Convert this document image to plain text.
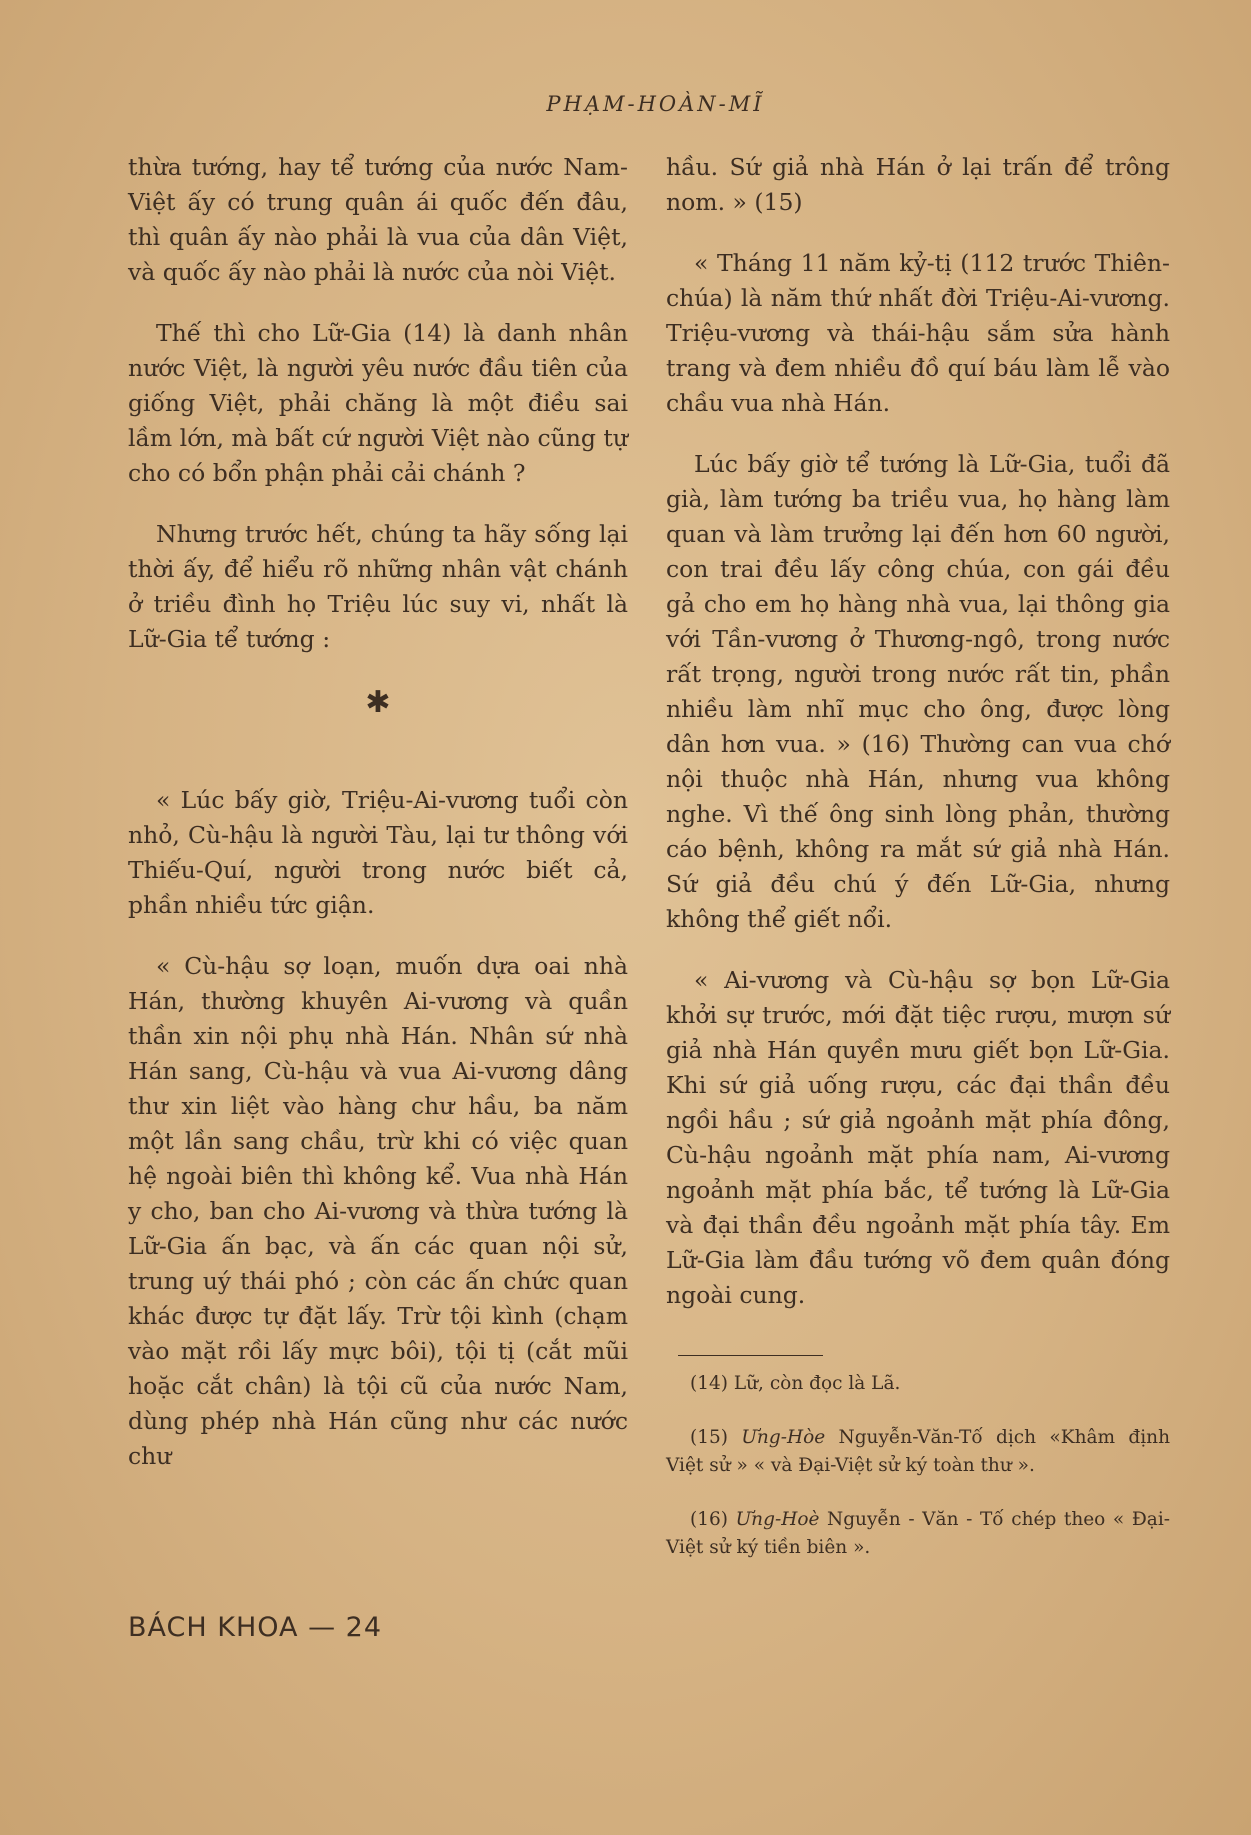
PHẠM-HOÀN-MĨ

thừa tướng, hay tể tướng của nước Nam-Việt ấy có trung quân ái quốc đến đâu, thì quân ấy nào phải là vua của dân Việt, và quốc ấy nào phải là nước của nòi Việt.

Thế thì cho Lữ-Gia (14) là danh nhân nước Việt, là người yêu nước đầu tiên của giống Việt, phải chăng là một điều sai lầm lớn, mà bất cứ người Việt nào cũng tự cho có bổn phận phải cải chánh ?

Nhưng trước hết, chúng ta hãy sống lại thời ấy, để hiểu rõ những nhân vật chánh ở triều đình họ Triệu lúc suy vi, nhất là Lữ-Gia tể tướng :

✱

« Lúc bấy giờ, Triệu-Ai-vương tuổi còn nhỏ, Cù-hậu là người Tàu, lại tư thông với Thiếu-Quí, người trong nước biết cả, phần nhiều tức giận.

« Cù-hậu sợ loạn, muốn dựa oai nhà Hán, thường khuyên Ai-vương và quần thần xin nội phụ nhà Hán. Nhân sứ nhà Hán sang, Cù-hậu và vua Ai-vương dâng thư xin liệt vào hàng chư hầu, ba năm một lần sang chầu, trừ khi có việc quan hệ ngoài biên thì không kể. Vua nhà Hán y cho, ban cho Ai-vương và thừa tướng là Lữ-Gia ấn bạc, và ấn các quan nội sử, trung uý thái phó ; còn các ấn chức quan khác được tự đặt lấy. Trừ tội kình (chạm vào mặt rồi lấy mực bôi), tội tị (cắt mũi hoặc cắt chân) là tội cũ của nước Nam, dùng phép nhà Hán cũng như các nước chư

hầu. Sứ giả nhà Hán ở lại trấn để trông nom. » (15)

« Tháng 11 năm kỷ-tị (112 trước Thiên-chúa) là năm thứ nhất đời Triệu-Ai-vương. Triệu-vương và thái-hậu sắm sửa hành trang và đem nhiều đồ quí báu làm lễ vào chầu vua nhà Hán.

Lúc bấy giờ tể tướng là Lữ-Gia, tuổi đã già, làm tướng ba triều vua, họ hàng làm quan và làm trưởng lại đến hơn 60 người, con trai đều lấy công chúa, con gái đều gả cho em họ hàng nhà vua, lại thông gia với Tần-vương ở Thương-ngô, trong nước rất trọng, người trong nước rất tin, phần nhiều làm nhĩ mục cho ông, được lòng dân hơn vua. » (16) Thường can vua chớ nội thuộc nhà Hán, nhưng vua không nghe. Vì thế ông sinh lòng phản, thường cáo bệnh, không ra mắt sứ giả nhà Hán. Sứ giả đều chú ý đến Lữ-Gia, nhưng không thể giết nổi.

« Ai-vương và Cù-hậu sợ bọn Lữ-Gia khởi sự trước, mới đặt tiệc rượu, mượn sứ giả nhà Hán quyền mưu giết bọn Lữ-Gia. Khi sứ giả uống rượu, các đại thần đều ngồi hầu ; sứ giả ngoảnh mặt phía đông, Cù-hậu ngoảnh mặt phía nam, Ai-vương ngoảnh mặt phía bắc, tể tướng là Lữ-Gia và đại thần đều ngoảnh mặt phía tây. Em Lữ-Gia làm đầu tướng võ đem quân đóng ngoài cung.

(14) Lữ, còn đọc là Lã.

(15) Ưng-Hòe Nguyễn-Văn-Tố dịch «Khâm định Việt sử » « và Đại-Việt sử ký toàn thư ».

(16) Ưng-Hoè Nguyễn - Văn - Tố chép theo « Đại-Việt sử ký tiền biên ».

BÁCH KHOA — 24
